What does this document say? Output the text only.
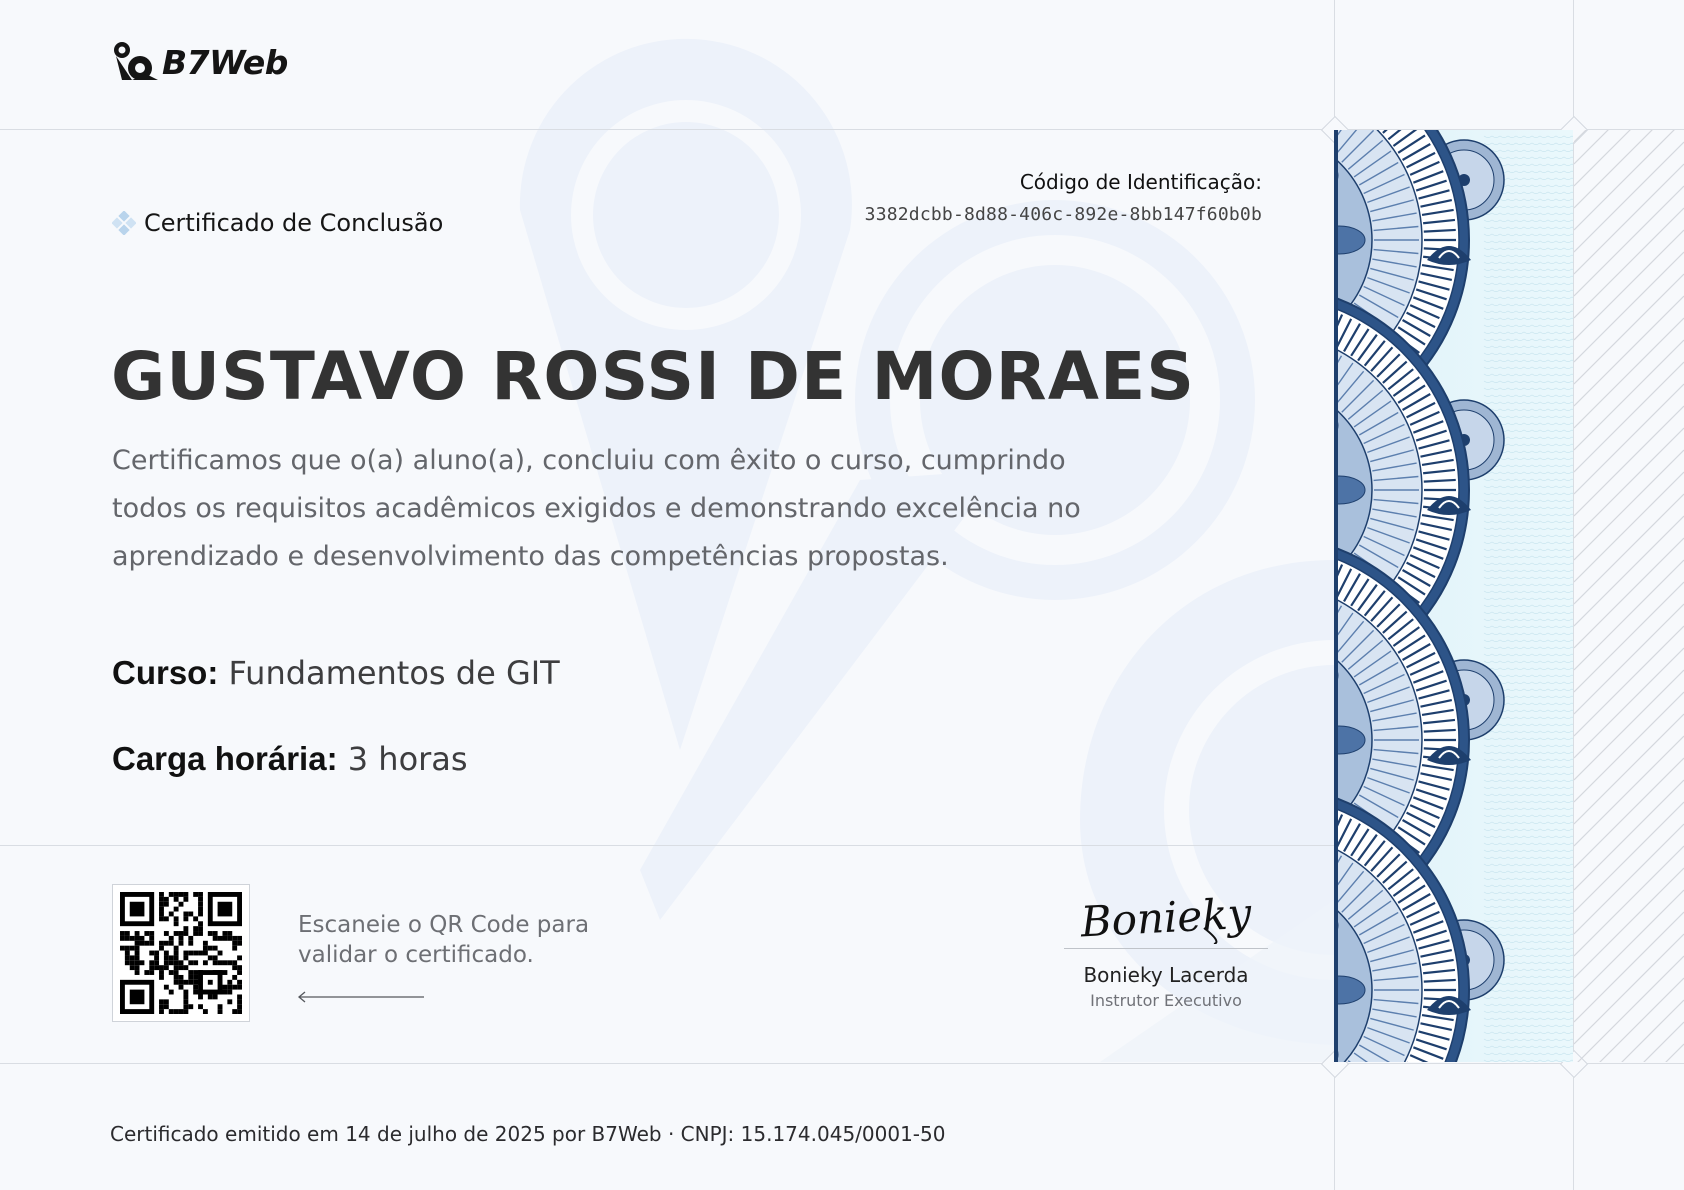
B7Web
Certificado de Conclusão
Código de Identificação:
3382dcbb-8d88-406c-892e-8bb147f60b0b
GUSTAVO ROSSI DE MORAES

Certificamos que o(a) aluno(a), concluiu com êxito o curso, cumprindo todos os requisitos acadêmicos exigidos e demonstrando excelência no aprendizado e desenvolvimento das competências propostas.

Curso: Fundamentos de GIT
Carga horária: 3 horas
Escaneie o QR Code para
validar o certificado.
Bonieky
Bonieky Lacerda
Instrutor Executivo
Certificado emitido em 14 de julho de 2025 por B7Web · CNPJ: 15.174.045/0001-50
